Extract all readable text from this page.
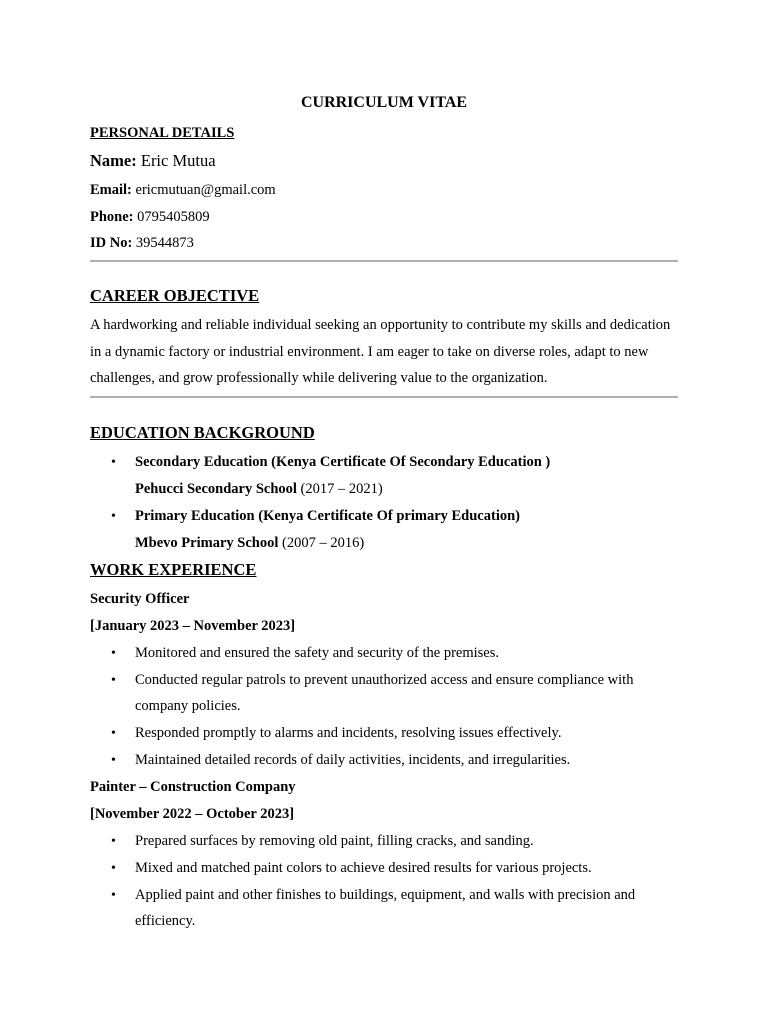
CURRICULUM VITAE
PERSONAL DETAILS
Name: Eric Mutua
Email: ericmutuan@gmail.com
Phone: 0795405809
ID No: 39544873
CAREER OBJECTIVE
A hardworking and reliable individual seeking an opportunity to contribute my skills and dedication in a dynamic factory or industrial environment. I am eager to take on diverse roles, adapt to new challenges, and grow professionally while delivering value to the organization.
EDUCATION BACKGROUND
• Secondary Education (Kenya Certificate Of Secondary Education )
Pehucci Secondary School (2017 – 2021)
• Primary Education (Kenya Certificate Of primary Education)
Mbevo Primary School (2007 – 2016)
WORK EXPERIENCE
Security Officer
[January 2023 – November 2023]
• Monitored and ensured the safety and security of the premises.
• Conducted regular patrols to prevent unauthorized access and ensure compliance with
company policies.
• Responded promptly to alarms and incidents, resolving issues effectively.
• Maintained detailed records of daily activities, incidents, and irregularities.
Painter – Construction Company
[November 2022 – October 2023]
• Prepared surfaces by removing old paint, filling cracks, and sanding.
• Mixed and matched paint colors to achieve desired results for various projects.
• Applied paint and other finishes to buildings, equipment, and walls with precision and
efficiency.
